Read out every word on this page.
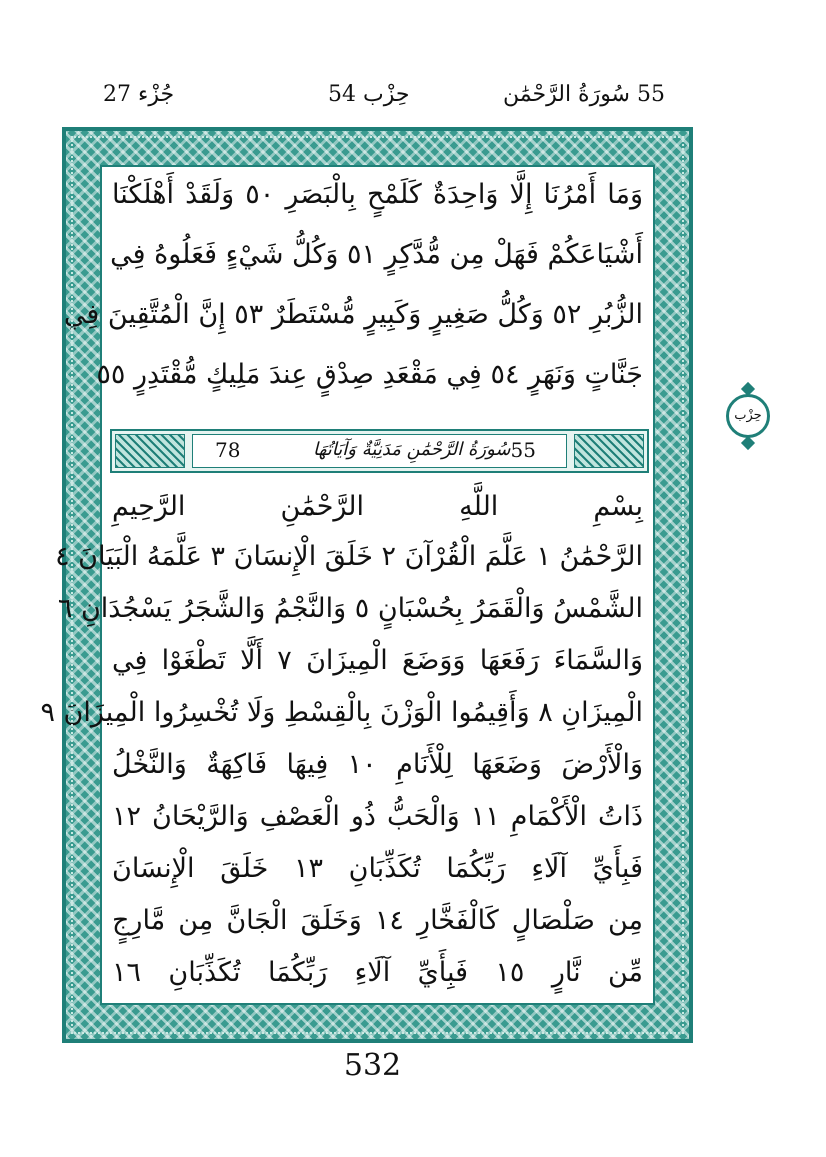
جُزْء 27	حِزْب 54	55 سُورَةُ الرَّحْمَٰن
وَمَا أَمْرُنَا إِلَّا وَاحِدَةٌ كَلَمْحٍ بِالْبَصَرِ ٥٠ وَلَقَدْ أَهْلَكْنَا
أَشْيَاعَكُمْ فَهَلْ مِن مُّدَّكِرٍ ٥١ وَكُلُّ شَيْءٍ فَعَلُوهُ فِي
الزُّبُرِ ٥٢ وَكُلُّ صَغِيرٍ وَكَبِيرٍ مُّسْتَطَرٌ ٥٣ إِنَّ الْمُتَّقِينَ فِي
جَنَّاتٍ وَنَهَرٍ ٥٤ فِي مَقْعَدِ صِدْقٍ عِندَ مَلِيكٍ مُّقْتَدِرٍ ٥٥
78	سُورَةُ الرَّحْمَٰنِ مَدَنِيَّةٌ وَآيَاتُهَا 55
بِسْمِ اللَّهِ الرَّحْمَٰنِ الرَّحِيمِ
الرَّحْمَٰنُ ١ عَلَّمَ الْقُرْآنَ ٢ خَلَقَ الْإِنسَانَ ٣ عَلَّمَهُ الْبَيَانَ ٤
الشَّمْسُ وَالْقَمَرُ بِحُسْبَانٍ ٥ وَالنَّجْمُ وَالشَّجَرُ يَسْجُدَانِ ٦
وَالسَّمَاءَ رَفَعَهَا وَوَضَعَ الْمِيزَانَ ٧ أَلَّا تَطْغَوْا فِي
الْمِيزَانِ ٨ وَأَقِيمُوا الْوَزْنَ بِالْقِسْطِ وَلَا تُخْسِرُوا الْمِيزَانَ ٩
وَالْأَرْضَ وَضَعَهَا لِلْأَنَامِ ١٠ فِيهَا فَاكِهَةٌ وَالنَّخْلُ
ذَاتُ الْأَكْمَامِ ١١ وَالْحَبُّ ذُو الْعَصْفِ وَالرَّيْحَانُ ١٢
فَبِأَيِّ آلَاءِ رَبِّكُمَا تُكَذِّبَانِ ١٣ خَلَقَ الْإِنسَانَ
مِن صَلْصَالٍ كَالْفَخَّارِ ١٤ وَخَلَقَ الْجَانَّ مِن مَّارِجٍ
مِّن نَّارٍ ١٥ فَبِأَيِّ آلَاءِ رَبِّكُمَا تُكَذِّبَانِ ١٦
حِزْب
532
